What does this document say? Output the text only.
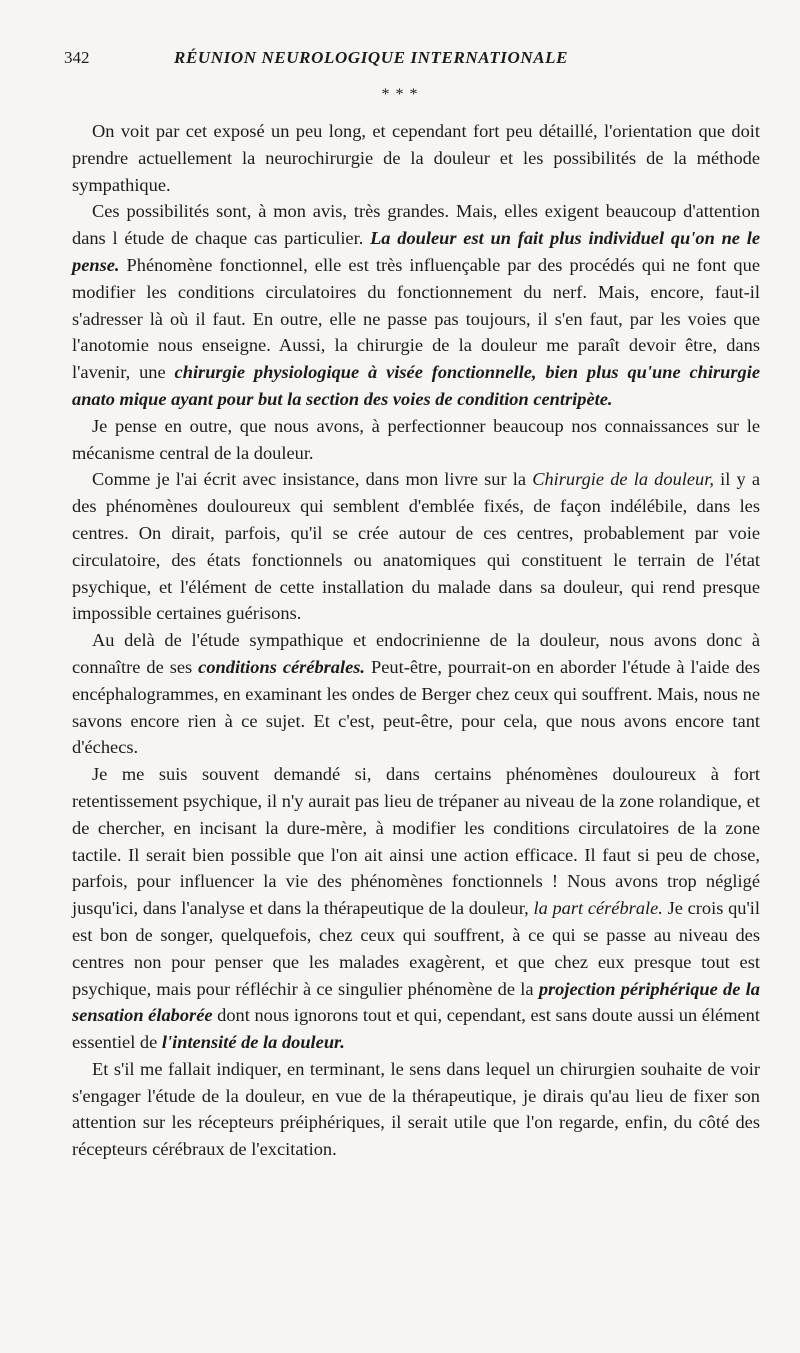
342	RÉUNION NEUROLOGIQUE INTERNATIONALE
* * *

On voit par cet exposé un peu long, et cependant fort peu détaillé, l'orientation que doit prendre actuellement la neurochirurgie de la douleur et les possibilités de la méthode sympathique.

Ces possibilités sont, à mon avis, très grandes. Mais, elles exigent beaucoup d'attention dans l étude de chaque cas particulier. La douleur est un fait plus individuel qu'on ne le pense. Phénomène fonctionnel, elle est très influençable par des procédés qui ne font que modifier les conditions circulatoires du fonctionnement du nerf. Mais, encore, faut-il s'adresser là où il faut. En outre, elle ne passe pas toujours, il s'en faut, par les voies que l'anotomie nous enseigne. Aussi, la chirurgie de la douleur me paraît devoir être, dans l'avenir, une chirurgie physiologique à visée fonctionnelle, bien plus qu'une chirurgie anato mique ayant pour but la section des voies de condition centripète.

Je pense en outre, que nous avons, à perfectionner beaucoup nos connaissances sur le mécanisme central de la douleur.

Comme je l'ai écrit avec insistance, dans mon livre sur la Chirurgie de la douleur, il y a des phénomènes douloureux qui semblent d'emblée fixés, de façon indélébile, dans les centres. On dirait, parfois, qu'il se crée autour de ces centres, probablement par voie circulatoire, des états fonctionnels ou anatomiques qui constituent le terrain de l'état psychique, et l'élément de cette installation du malade dans sa douleur, qui rend presque impossible certaines guérisons.

Au delà de l'étude sympathique et endocrinienne de la douleur, nous avons donc à connaître de ses conditions cérébrales. Peut-être, pourrait-on en aborder l'étude à l'aide des encéphalogrammes, en examinant les ondes de Berger chez ceux qui souffrent. Mais, nous ne savons encore rien à ce sujet. Et c'est, peut-être, pour cela, que nous avons encore tant d'échecs.

Je me suis souvent demandé si, dans certains phénomènes douloureux à fort retentissement psychique, il n'y aurait pas lieu de trépaner au niveau de la zone rolandique, et de chercher, en incisant la dure-mère, à modifier les conditions circulatoires de la zone tactile. Il serait bien possible que l'on ait ainsi une action efficace. Il faut si peu de chose, parfois, pour influencer la vie des phénomènes fonctionnels ! Nous avons trop négligé jusqu'ici, dans l'analyse et dans la thérapeutique de la douleur, la part cérébrale. Je crois qu'il est bon de songer, quelquefois, chez ceux qui souffrent, à ce qui se passe au niveau des centres non pour penser que les malades exagèrent, et que chez eux presque tout est psychique, mais pour réfléchir à ce singulier phénomène de la projection périphérique de la sensation élaborée dont nous ignorons tout et qui, cependant, est sans doute aussi un élément essentiel de l'intensité de la douleur.

Et s'il me fallait indiquer, en terminant, le sens dans lequel un chirurgien souhaite de voir s'engager l'étude de la douleur, en vue de la thérapeutique, je dirais qu'au lieu de fixer son attention sur les récepteurs préiphériques, il serait utile que l'on regarde, enfin, du côté des récepteurs cérébraux de l'excitation.
